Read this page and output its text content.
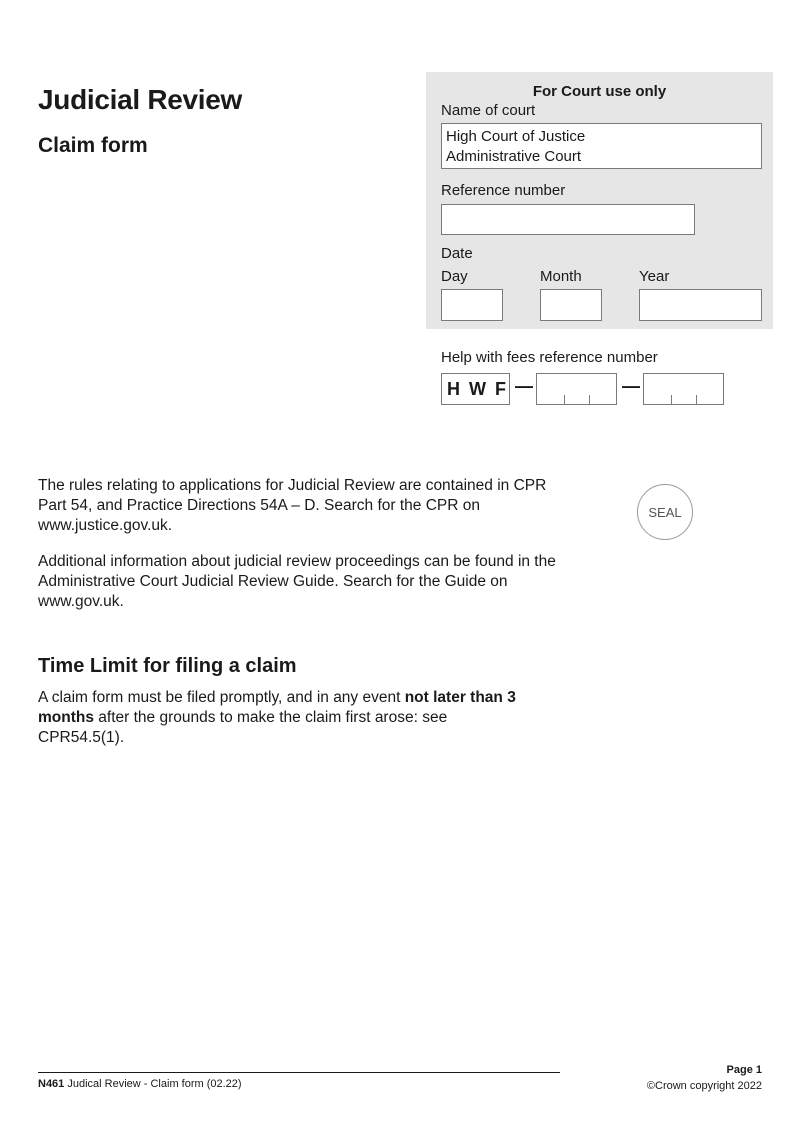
Judicial Review
Claim form
For Court use only
Name of court
High Court of Justice
Administrative Court
Reference number
Date
Day	Month	Year
Help with fees reference number
H W F —	—
SEAL

The rules relating to applications for Judicial Review are contained in CPR Part 54, and Practice Directions 54A – D. Search for the CPR on www.justice.gov.uk.

Additional information about judicial review proceedings can be found in the Administrative Court Judicial Review Guide. Search for the Guide on www.gov.uk.

Time Limit for filing a claim

A claim form must be filed promptly, and in any event not later than 3 months after the grounds to make the claim first arose: see CPR54.5(1).

N461 Judical Review - Claim form (02.22)
Page 1
©Crown copyright 2022
